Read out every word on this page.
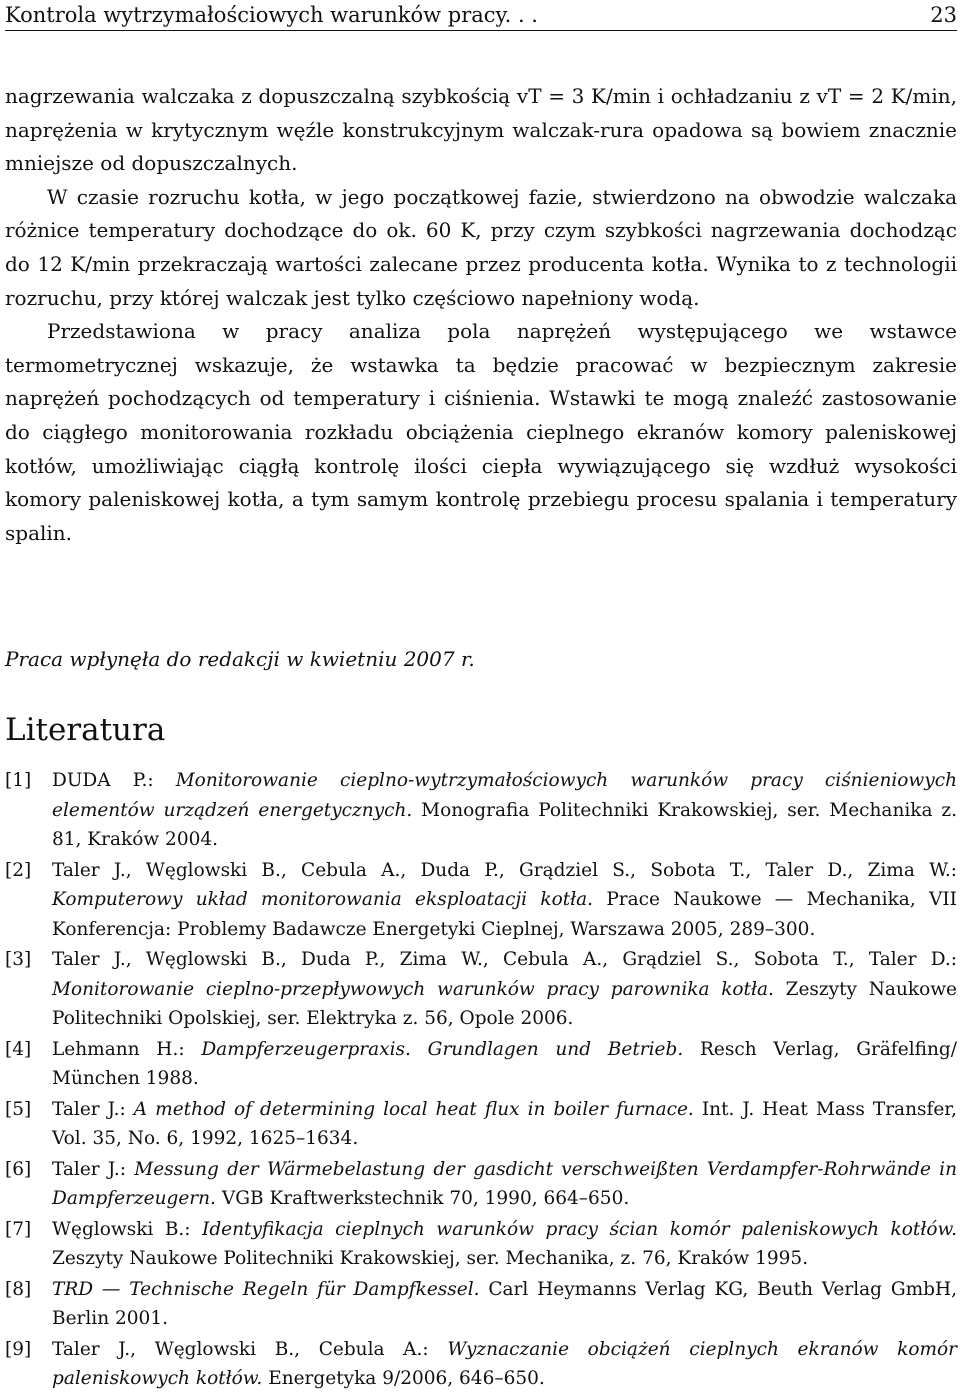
Kontrola wytrzymałościowych warunków pracy. . .	23

nagrzewania walczaka z dopuszczalną szybkością vT = 3 K/min i ochładzaniu z vT = 2 K/min, naprężenia w krytycznym węźle konstrukcyjnym walczak-rura opadowa są bowiem znacznie mniejsze od dopuszczalnych.

W czasie rozruchu kotła, w jego początkowej fazie, stwierdzono na obwodzie walczaka różnice temperatury dochodzące do ok. 60 K, przy czym szybkości nagrzewania dochodząc do 12 K/min przekraczają wartości zalecane przez producenta kotła. Wynika to z technologii rozruchu, przy której walczak jest tylko częściowo napełniony wodą.

Przedstawiona w pracy analiza pola naprężeń występującego we wstawce termometrycznej wskazuje, że wstawka ta będzie pracować w bezpiecznym zakresie naprężeń pochodzących od temperatury i ciśnienia. Wstawki te mogą znaleźć zastosowanie do ciągłego monitorowania rozkładu obciążenia cieplnego ekranów komory paleniskowej kotłów, umożliwiając ciągłą kontrolę ilości ciepła wywiązującego się wzdłuż wysokości komory paleniskowej kotła, a tym samym kontrolę przebiegu procesu spalania i temperatury spalin.

Praca wpłynęła do redakcji w kwietniu 2007 r.
Literatura
[1] DUDA P.: Monitorowanie cieplno-wytrzymałościowych warunków pracy ciśnieniowych elementów urządzeń energetycznych. Monografia Politechniki Krakowskiej, ser. Mechanika z. 81, Kraków 2004.
[2] Taler J., Węglowski B., Cebula A., Duda P., Grądziel S., Sobota T., Taler D., Zima W.: Komputerowy układ monitorowania eksploatacji kotła. Prace Naukowe — Mechanika, VII Konferencja: Problemy Badawcze Energetyki Cieplnej, Warszawa 2005, 289–300.
[3] Taler J., Węglowski B., Duda P., Zima W., Cebula A., Grądziel S., Sobota T., Taler D.: Monitorowanie cieplno-przepływowych warunków pracy parownika kotła. Zeszyty Naukowe Politechniki Opolskiej, ser. Elektryka z. 56, Opole 2006.
[4] Lehmann H.: Dampferzeugerpraxis. Grundlagen und Betrieb. Resch Verlag, Gräfelfing/ München 1988.
[5] Taler J.: A method of determining local heat flux in boiler furnace. Int. J. Heat Mass Transfer, Vol. 35, No. 6, 1992, 1625–1634.
[6] Taler J.: Messung der Wärmebelastung der gasdicht verschweißten Verdampfer-Rohrwände in Dampferzeugern. VGB Kraftwerkstechnik 70, 1990, 664–650.
[7] Węglowski B.: Identyfikacja cieplnych warunków pracy ścian komór paleniskowych kotłów. Zeszyty Naukowe Politechniki Krakowskiej, ser. Mechanika, z. 76, Kraków 1995.
[8] TRD — Technische Regeln für Dampfkessel. Carl Heymanns Verlag KG, Beuth Verlag GmbH, Berlin 2001.
[9] Taler J., Węglowski B., Cebula A.: Wyznaczanie obciążeń cieplnych ekranów komór paleniskowych kotłów. Energetyka 9/2006, 646–650.
